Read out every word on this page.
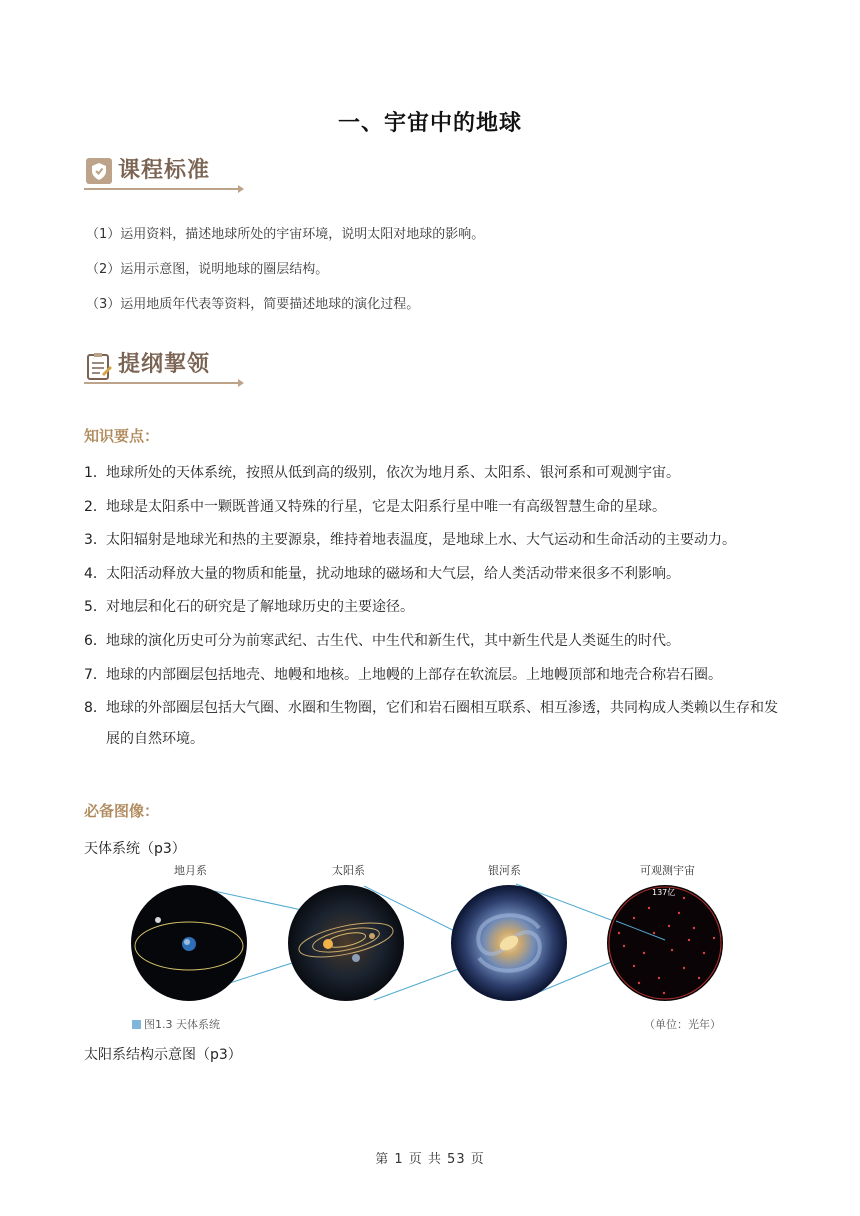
一、宇宙中的地球
课程标准
（1）运用资料，描述地球所处的宇宙环境，说明太阳对地球的影响。
（2）运用示意图，说明地球的圈层结构。
（3）运用地质年代表等资料，简要描述地球的演化过程。
提纲挈领
知识要点：
1． 地球所处的天体系统，按照从低到高的级别，依次为地月系、太阳系、银河系和可观测宇宙。
2． 地球是太阳系中一颗既普通又特殊的行星，它是太阳系行星中唯一有高级智慧生命的星球。
3． 太阳辐射是地球光和热的主要源泉，维持着地表温度，是地球上水、大气运动和生命活动的主要动力。
4． 太阳活动释放大量的物质和能量，扰动地球的磁场和大气层，给人类活动带来很多不利影响。
5． 对地层和化石的研究是了解地球历史的主要途径。
6． 地球的演化历史可分为前寒武纪、古生代、中生代和新生代，其中新生代是人类诞生的时代。
7． 地球的内部圈层包括地壳、地幔和地核。上地幔的上部存在软流层。上地幔顶部和地壳合称岩石圈。
8． 地球的外部圈层包括大气圈、水圈和生物圈，它们和岩石圈相互联系、相互渗透，共同构成人类赖以生存和发展的自然环境。
必备图像：
天体系统（p3）
地月系	太阳系	银河系	可观测宇宙
137亿
图1.3 天体系统	（单位：光年）
太阳系结构示意图（p3）
第 1 页 共 53 页
